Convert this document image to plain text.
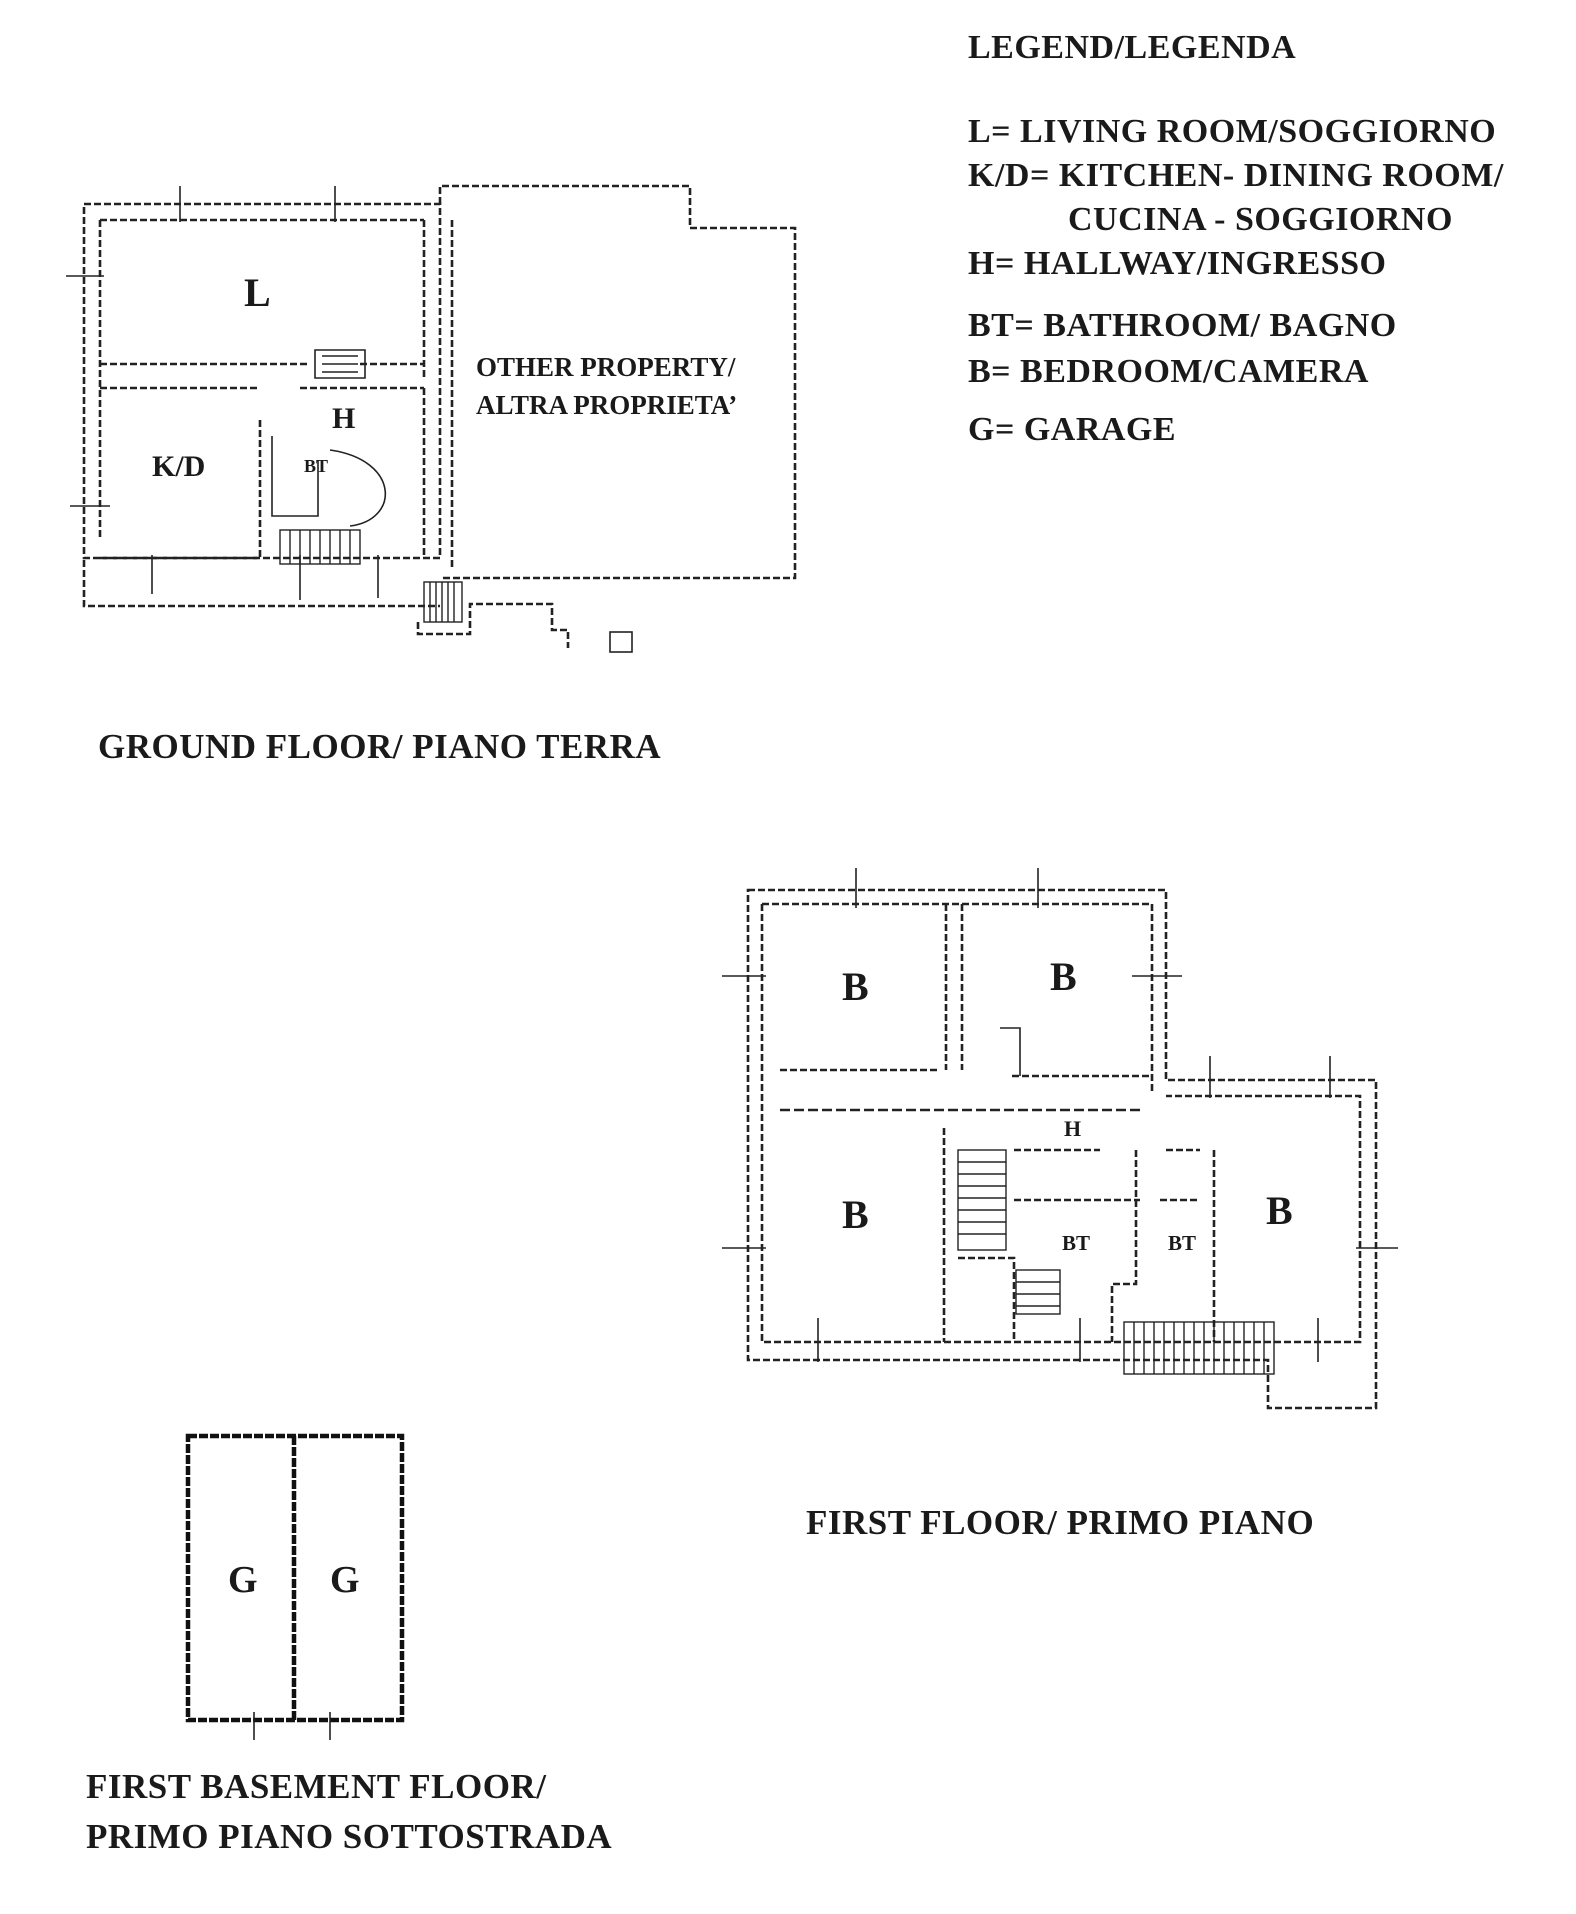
LEGEND/LEGENDA
L= LIVING ROOM/SOGGIORNO
K/D= KITCHEN- DINING ROOM/
CUCINA - SOGGIORNO
H= HALLWAY/INGRESSO
BT= BATHROOM/ BAGNO
B= BEDROOM/CAMERA
G= GARAGE
L
K/D
H
BT
OTHER PROPERTY/
ALTRA PROPRIETA’
GROUND FLOOR/ PIANO TERRA
B	B
B	B
H
BT	BT
FIRST FLOOR/ PRIMO PIANO
G G
FIRST BASEMENT FLOOR/
PRIMO PIANO SOTTOSTRADA
